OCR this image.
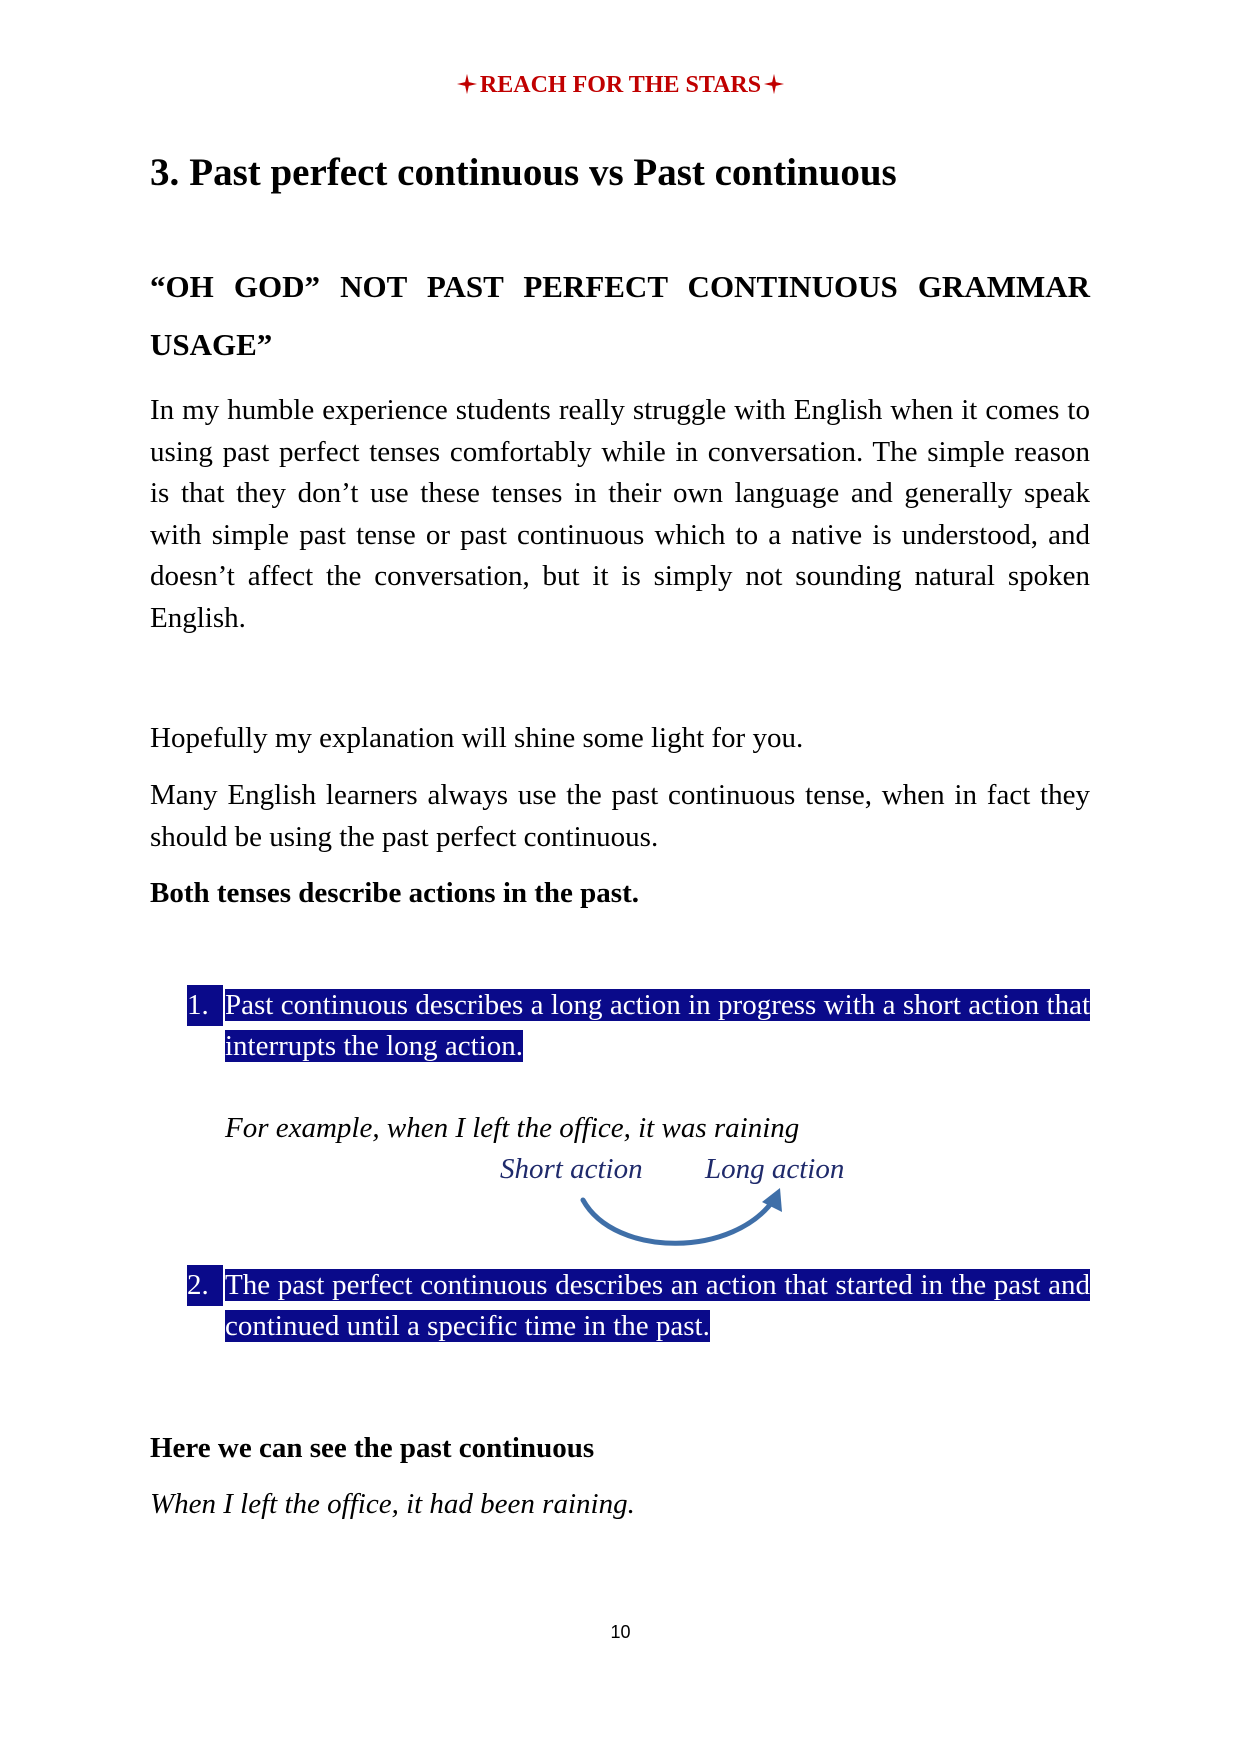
REACH FOR THE STARS
3. Past perfect continuous vs Past continuous
“OH GOD” NOT PAST PERFECT CONTINUOUS GRAMMAR USAGE”

In my humble experience students really struggle with English when it comes to using past perfect tenses comfortably while in conversation. The simple reason is that they don’t use these tenses in their own language and generally speak with simple past tense or past continuous which to a native is understood, and doesn’t affect the conversation, but it is simply not sounding natural spoken English.

Hopefully my explanation will shine some light for you.

Many English learners always use the past continuous tense, when in fact they should be using the past perfect continuous.

Both tenses describe actions in the past.

1. Past continuous describes a long action in progress with a short action that interrupts the long action.
For example, when I left the office, it was raining
Short action Long action
2. The past perfect continuous describes an action that started in the past and continued until a specific time in the past.

Here we can see the past continuous

When I left the office, it had been raining.

10
